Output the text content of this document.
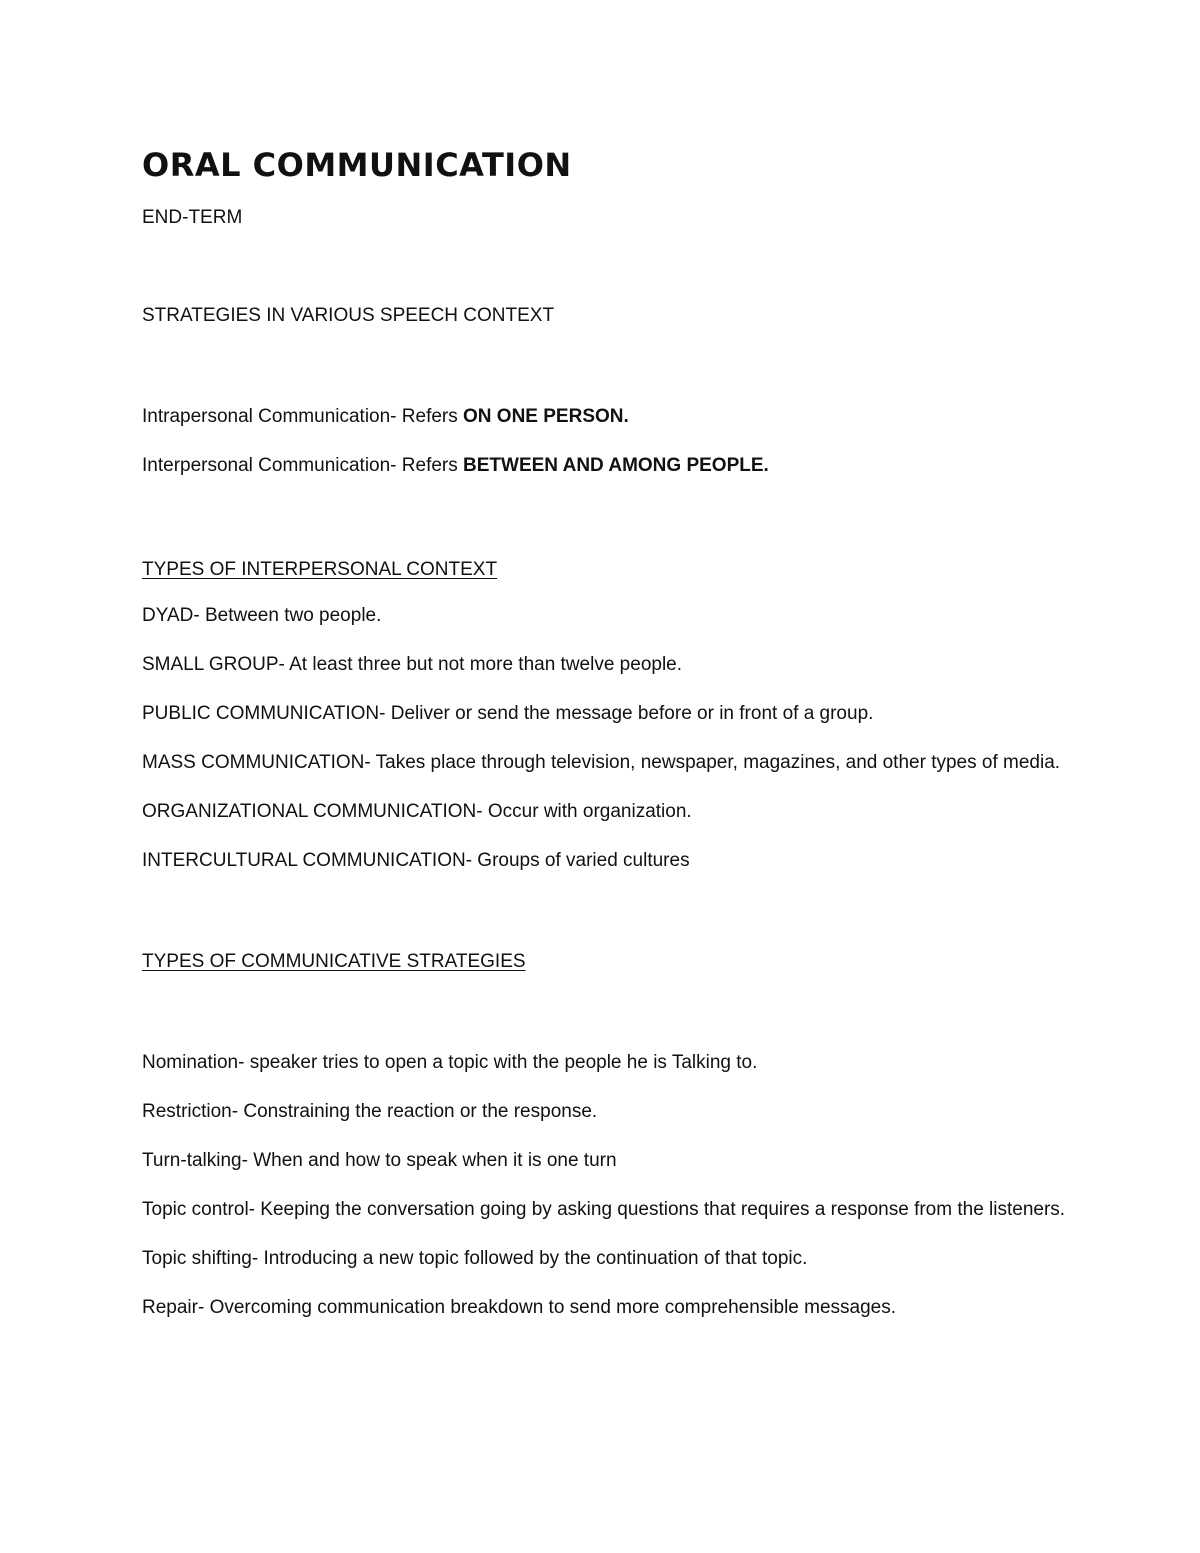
ORAL COMMUNICATION

END-TERM

STRATEGIES IN VARIOUS SPEECH CONTEXT

Intrapersonal Communication- Refers ON ONE PERSON.

Interpersonal Communication- Refers BETWEEN AND AMONG PEOPLE.

TYPES OF INTERPERSONAL CONTEXT

DYAD- Between two people.

SMALL GROUP- At least three but not more than twelve people.

PUBLIC COMMUNICATION- Deliver or send the message before or in front of a group.

MASS COMMUNICATION- Takes place through television, newspaper, magazines, and other types of media.

ORGANIZATIONAL COMMUNICATION- Occur with organization.

INTERCULTURAL COMMUNICATION- Groups of varied cultures

TYPES OF COMMUNICATIVE STRATEGIES

Nomination- speaker tries to open a topic with the people he is Talking to.

Restriction- Constraining the reaction or the response.

Turn-talking- When and how to speak when it is one turn

Topic control- Keeping the conversation going by asking questions that requires a response from the listeners.

Topic shifting- Introducing a new topic followed by the continuation of that topic.

Repair- Overcoming communication breakdown to send more comprehensible messages.
